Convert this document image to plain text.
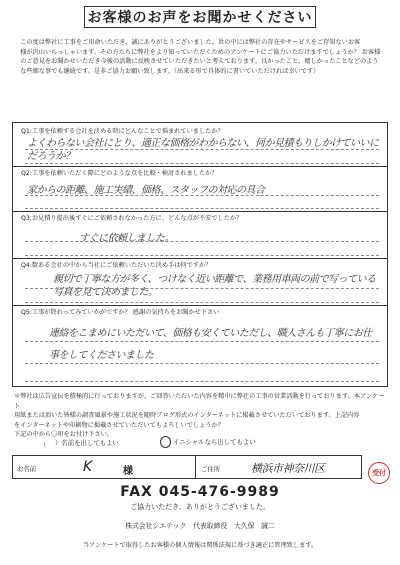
お客様のお声をお聞かせください

この度は弊社に工事をご用命いただき、誠にありがとうございました。世の中には弊社の存在やサービスをご存知ないお客

様が沢山いらっしゃいます。その方たちに弊社をより知っていただくためのアンケートにご協力いただけますでしょうか？ お客様

のご意見をお聞かせいただき今後の活動に反映させていただきたいと考えております。良かったこと、嬉しかったことなどのよう

な些細な事でも継続です。是非ご協力お願い致します。（出来る形で具体的に書いていただければ幸いです）

Q1:工事を依頼する会社を決める時にどんなことで悩まれていましたか？
よくわらない会社にとり、適正な価格がわからない、何か見積もりしかけていいにだろうか？
Q2:工事を依頼いただく際にどのような点を比較・検討されましたか？
家からの距離、施工実績、価格、スタッフの対応の具合
Q3:お見積り提出後すぐにご依頼されなかった方に、どんな点が不安でしたか？
すぐに依頼しました。
Q4:数ある会社の中から当社にご依頼いただいた決め手は何ですか？
親切で丁寧な方が多く、つけなく近い距離で、業務用車両の前で写っている写真を見て決めました。
Q5:工事が終わってみていかがですか？ 感謝の気持ちをお聞かせ下さい
連絡をこまめにいただいて、価格も安くていただし、職人さんも丁寧にお仕事をしてくださいました

＊弊社は広告宣伝を積極的に行っておりますが、ご回答いただいた内容を精中に弊社の工事の営業活動を行っております。本アンケート

用紙または頂いた皆様の調査風景や施工状況を随時ブログ形式のインターネットに掲載させていただいております。上記内容

をインターネットや印刷物に掲載させていただいてもよろしいでしょうか？

下記の中から〇印をお付け下さい。

（ ）名前を出してもよい	イニシャルなら出してもよい
お名前	K	様	ご住所	横浜市神奈川区	受付
FAX 045-476-9989
ご協力いただき、ありがとうございました。
株式会社シエテック　代表取締役　大久保　誠二
当アンケートで取得したお客様の個人情報は関係法規に基づき適正に管理致します。
